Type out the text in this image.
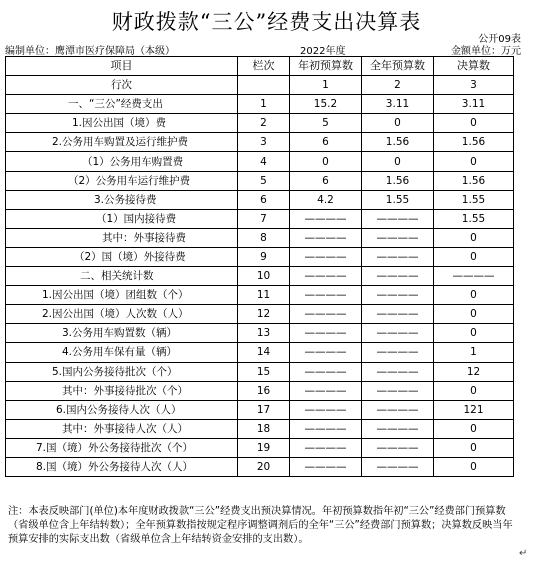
财政拨款“三公”经费支出决算表
公开09表
编制单位：鹰潭市医疗保障局（本级）	2022年度	金额单位：万元
项目	栏次	年初预算数	全年预算数	决算数
行次		1	2	3
一、“三公”经费支出	1	15.2	3.11	3.11
1.因公出国（境）费	2	5	0	0
2.公务用车购置及运行维护费	3	6	1.56	1.56
（1）公务用车购置费	4	0	0	0
（2）公务用车运行维护费	5	6	1.56	1.56
3.公务接待费	6	4.2	1.55	1.55
（1）国内接待费	7	————	————	1.55
其中：外事接待费	8	————	————	0
（2）国（境）外接待费	9	————	————	0
二、相关统计数	10	————	————	————
1.因公出国（境）团组数（个）	11	————	————	0
2.因公出国（境）人次数（人）	12	————	————	0
3.公务用车购置数（辆）	13	————	————	0
4.公务用车保有量（辆）	14	————	————	1
5.国内公务接待批次（个）	15	————	————	12
其中：外事接待批次（个）	16	————	————	0
6.国内公务接待人次（人）	17	————	————	121
其中：外事接待人次（人）	18	————	————	0
7.国（境）外公务接待批次（个）	19	————	————	0
8.国（境）外公务接待人次（人）	20	————	————	0
注：本表反映部门(单位)本年度财政拨款“三公”经费支出预决算情况。年初预算数指年初“三公”经费部门预算数（省级单位含上年结转数）；全年预算数指按规定程序调整调剂后的全年“三公”经费部门预算数；决算数反映当年预算安排的实际支出数（省级单位含上年结转资金安排的支出数）。
↵
